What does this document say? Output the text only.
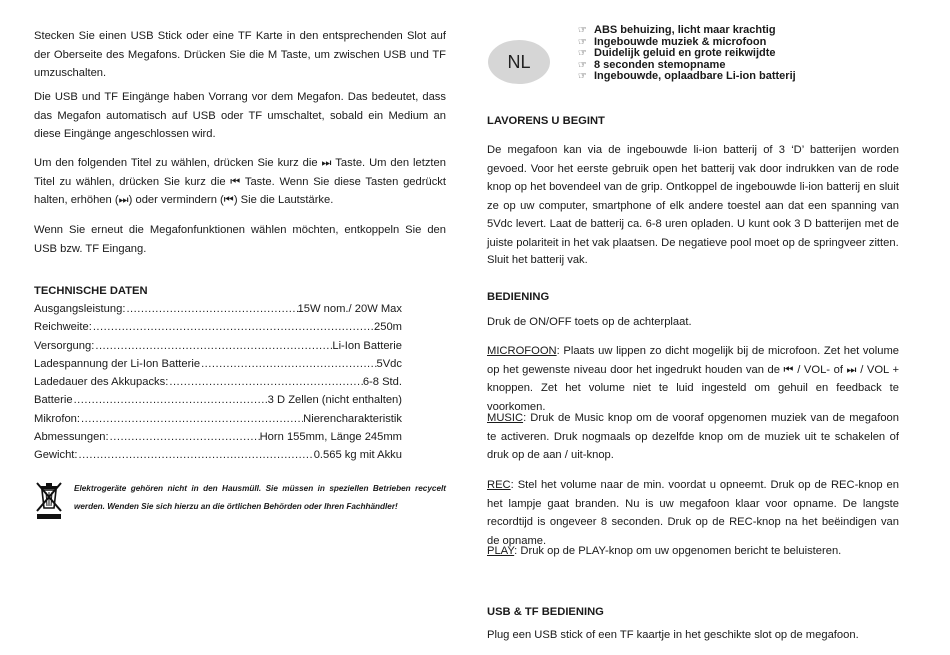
Stecken Sie einen USB Stick oder eine TF Karte in den entsprechenden Slot auf der Oberseite des Megafons. Drücken Sie die M Taste, um zwischen USB und TF umzuschalten.

Die USB und TF Eingänge haben Vorrang vor dem Megafon. Das bedeutet, dass das Megafon automatisch auf USB oder TF umschaltet, sobald ein Medium an diese Eingänge angeschlossen wird.

Um den folgenden Titel zu wählen, drücken Sie kurz die ⏭ Taste. Um den letzten Titel zu wählen, drücken Sie kurz die ⏮ Taste. Wenn Sie diese Tasten gedrückt halten, erhöhen (⏭) oder vermindern (⏮) Sie die Lautstärke.

Wenn Sie erneut die Megafonfunktionen wählen möchten, entkoppeln Sie den USB bzw. TF Eingang.

TECHNISCHE DATEN

Ausgangsleistung: .....	15W nom./ 20W Max
Reichweite: .....	250m
Versorgung: .....	Li-Ion Batterie
Ladespannung der Li-Ion Batterie .....	5Vdc
Ladedauer des Akkupacks: .....	6-8 Std.
Batterie .....	3 D Zellen (nicht enthalten)
Mikrofon: .....	Nierencharakteristik
Abmessungen: .....	Horn 155mm, Länge 245mm
Gewicht: .....	0.565 kg mit Akku
Elektrogeräte gehören nicht in den Hausmüll. Sie müssen in speziellen Betrieben recycelt werden. Wenden Sie sich hierzu an die örtlichen Behörden oder Ihren Fachhändler!
NL
☞ ABS behuizing, licht maar krachtig
☞ Ingebouwde muziek & microfoon
☞ Duidelijk geluid en grote reikwijdte
☞ 8 seconden stemopname
☞ Ingebouwde, oplaadbare Li-ion batterij

LAVORENS U BEGINT

De megafoon kan via de ingebouwde li-ion batterij of 3 ‘D’ batterijen worden gevoed. Voor het eerste gebruik open het batterij vak door indrukken van de rode knop op het bovendeel van de grip. Ontkoppel de ingebouwde li-ion batterij en sluit ze op uw computer, smartphone of elk andere toestel aan dat een spanning van 5Vdc levert. Laat de batterij ca. 6-8 uren opladen. U kunt ook 3 D batterijen met de juiste polariteit in het vak plaatsen. De negatieve pool moet op de springveer zitten.

Sluit het batterij vak.

BEDIENING

Druk de ON/OFF toets op de achterplaat.

MICROFOON: Plaats uw lippen zo dicht mogelijk bij de microfoon. Zet het volume op het gewenste niveau door het ingedrukt houden van de ⏮ / VOL- of ⏭ / VOL + knoppen. Zet het volume niet te luid ingesteld om gehuil en feedback te voorkomen.

MUSIC: Druk de Music knop om de vooraf opgenomen muziek van de megafoon te activeren. Druk nogmaals op dezelfde knop om de muziek uit te schakelen of druk op de aan / uit-knop.

REC: Stel het volume naar de min. voordat u opneemt. Druk op de REC-knop en het lampje gaat branden. Nu is uw megafoon klaar voor opname. De langste recordtijd is ongeveer 8 seconden. Druk op de REC-knop na het beëindigen van de opname.

PLAY: Druk op de PLAY-knop om uw opgenomen bericht te beluisteren.

USB & TF BEDIENING

Plug een USB stick of een TF kaartje in het geschikte slot op de megafoon.
